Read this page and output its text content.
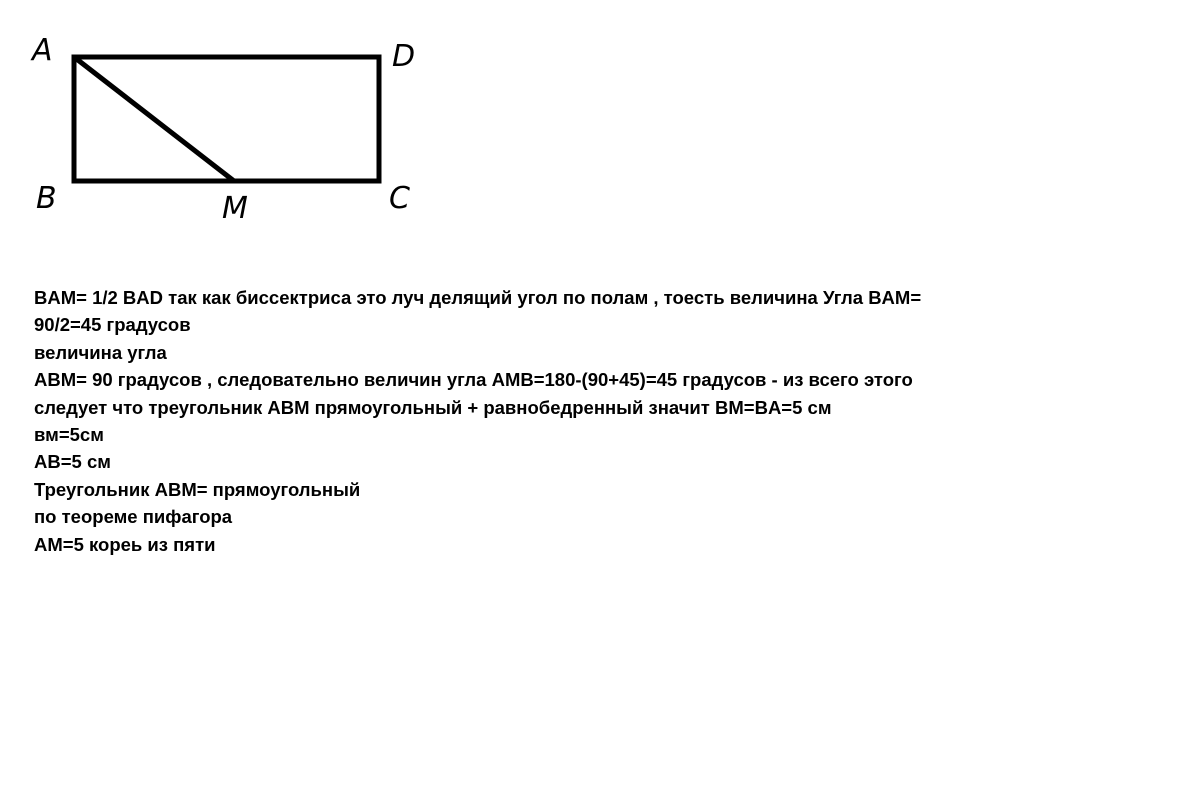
A	D
B	M	C
BAM= 1/2 BAD так как биссектриса это луч делящий угол по полам , тоесть величина Угла BAM=
90/2=45 градусов
величина угла
ABM= 90 градусов , следовательно величин угла AMB=180-(90+45)=45 градусов - из всего этого
следует что треугольник ABM прямоугольный + равнобедренный значит BM=BA=5 см
вм=5см
AB=5 см
Треугольник ABM= прямоугольный
по теореме пифагора
AM=5 кореь из пяти
